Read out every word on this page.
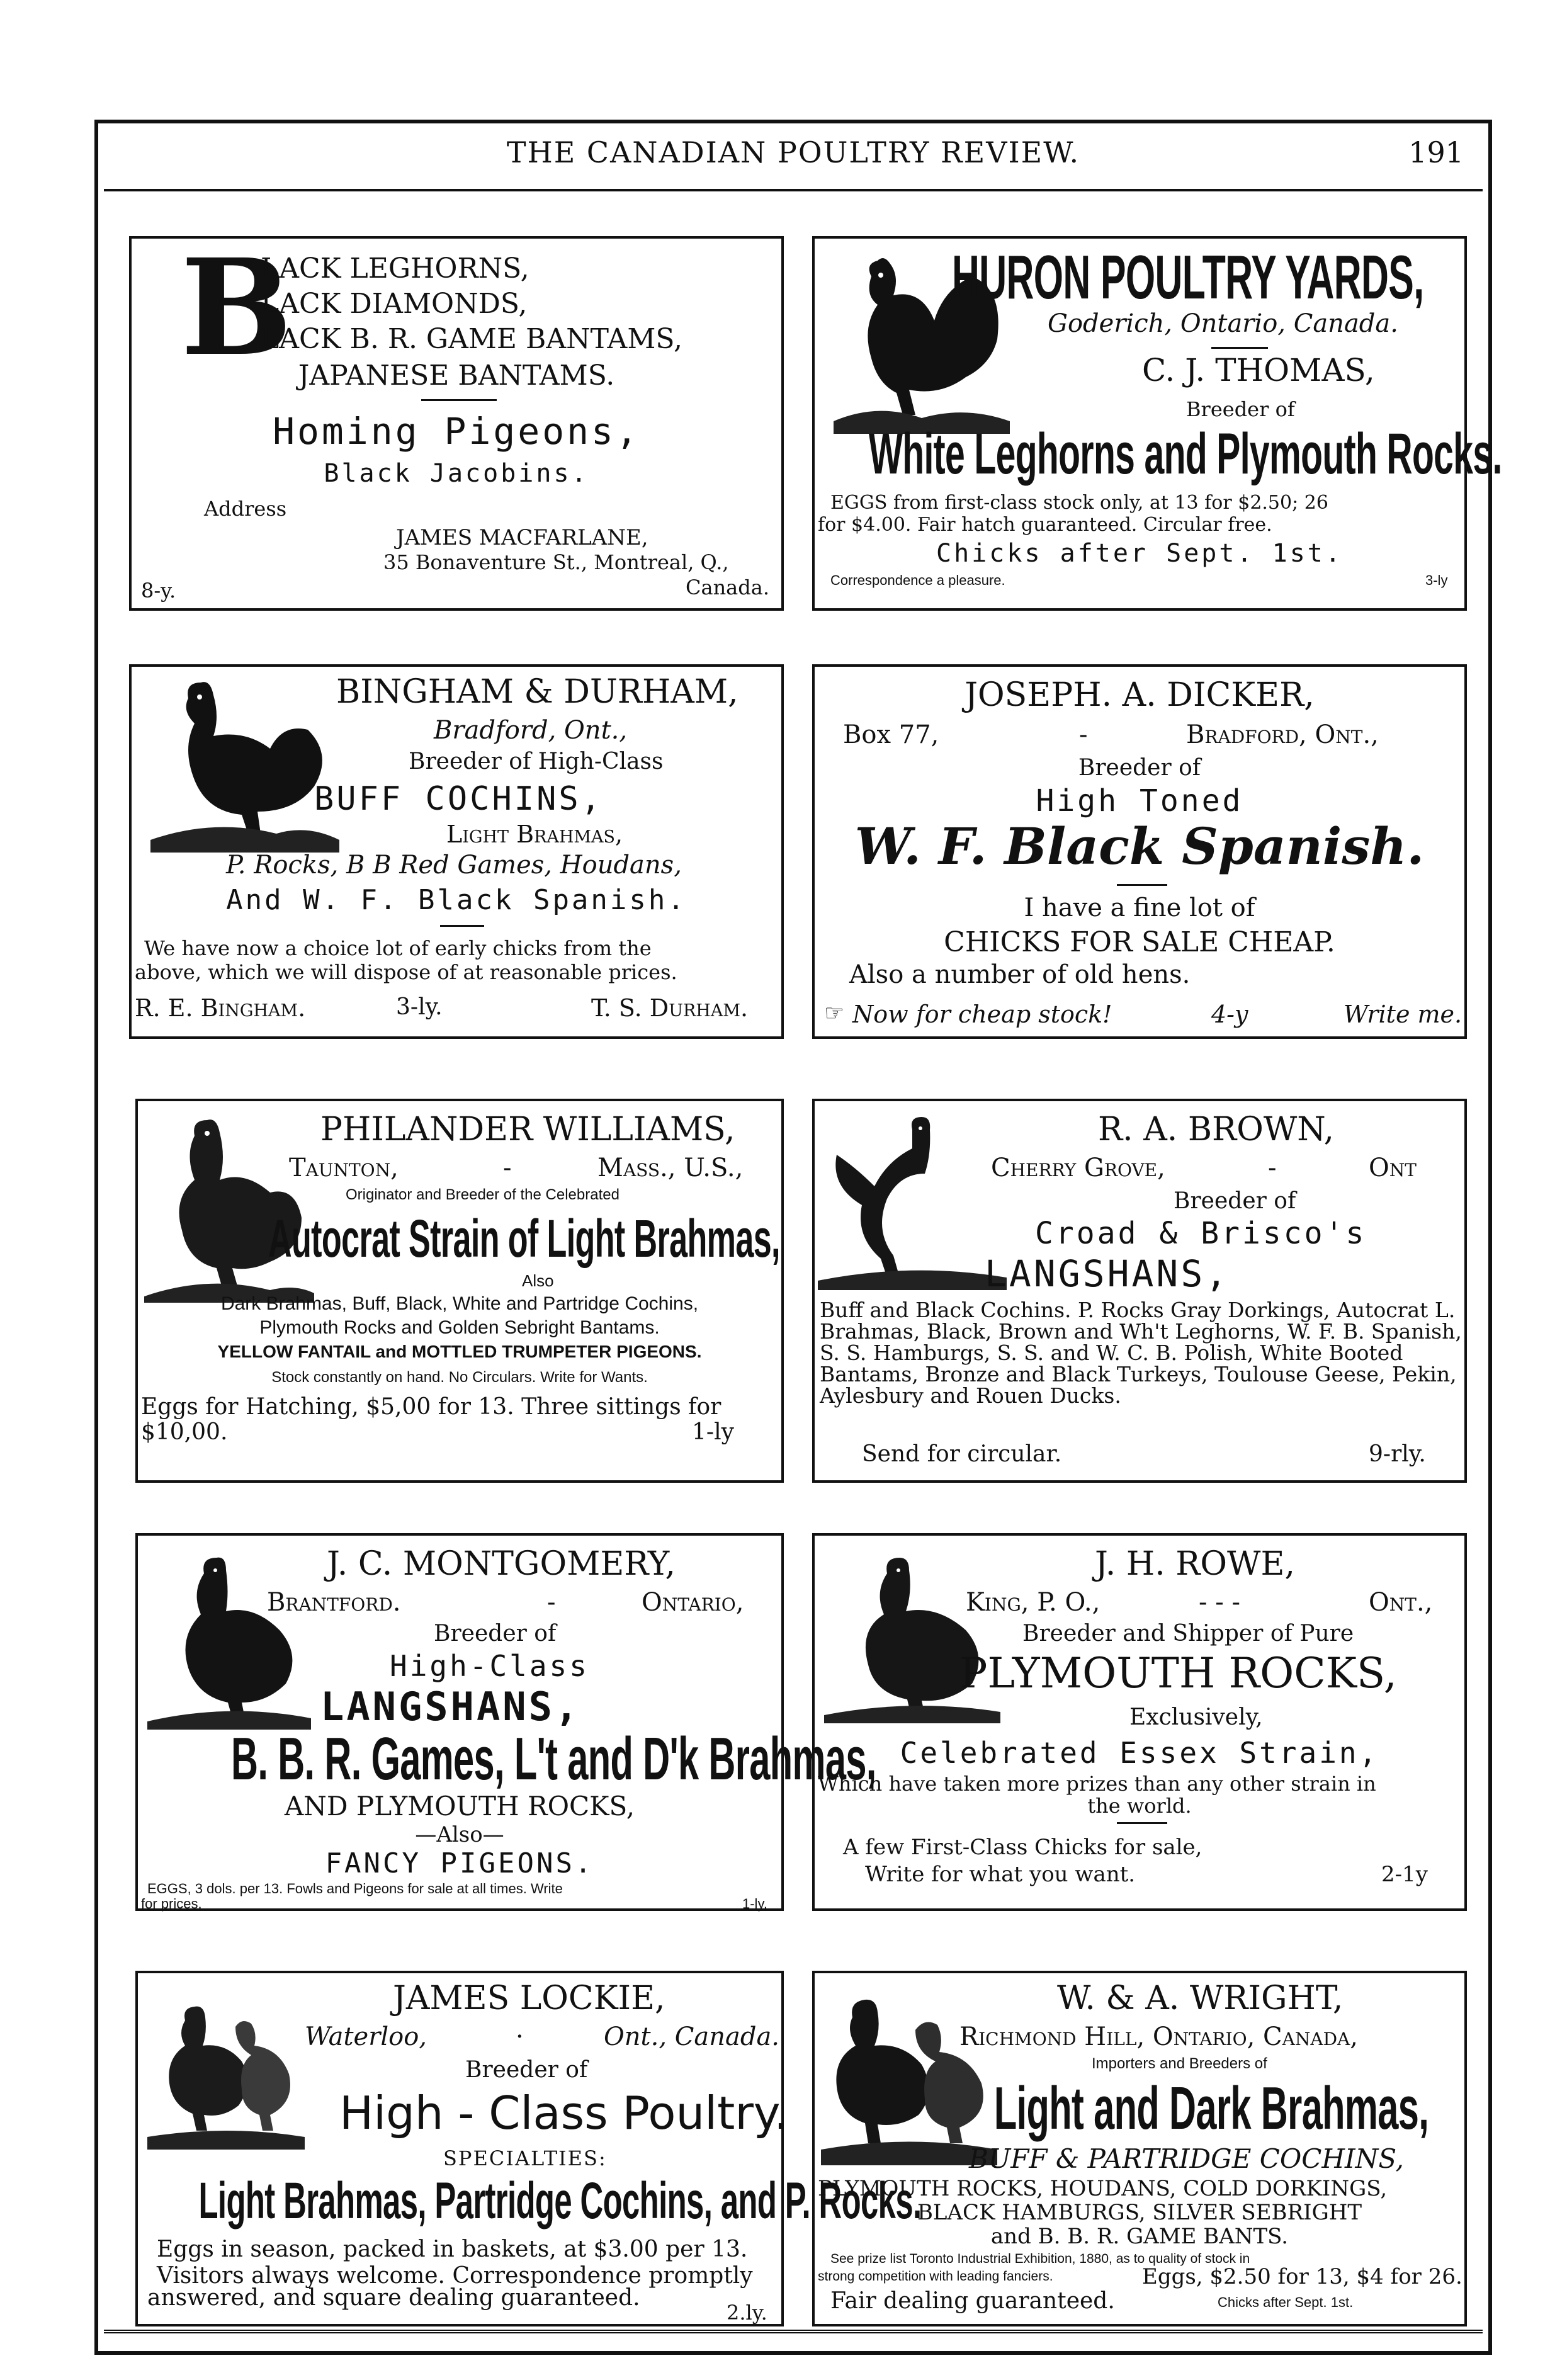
THE CANADIAN POULTRY REVIEW.	191
B
LACK LEGHORNS,
LACK DIAMONDS,
LACK B. R. GAME BANTAMS,
JAPANESE BANTAMS.
Homing Pigeons,
Black Jacobins.
Address
JAMES MACFARLANE,
35 Bonaventure St., Montreal, Q.,
8-y.	Canada.
HURON POULTRY YARDS,
Goderich, Ontario, Canada.
C. J. THOMAS,
Breeder of
White Leghorns and Plymouth Rocks.
EGGS from first-class stock only, at 13 for $2.50; 26
for $4.00. Fair hatch guaranteed. Circular free.
Chicks after Sept. 1st.
Correspondence a pleasure.	3-ly
BINGHAM & DURHAM,
Bradford, Ont.,
Breeder of High-Class
BUFF COCHINS,
Light Brahmas,
P. Rocks, B B Red Games, Houdans,
And W. F. Black Spanish.
We have now a choice lot of early chicks from the
above, which we will dispose of at reasonable prices.
R. E. Bingham.	3-ly.	T. S. Durham.
JOSEPH. A. DICKER,
Box 77,	-	Bradford, Ont.,
Breeder of
High Toned
W. F. Black Spanish.
I have a fine lot of
CHICKS FOR SALE CHEAP.
Also a number of old hens.
☞ Now for cheap stock!	4-y	Write me.
PHILANDER WILLIAMS,
Taunton,	-	Mass., U.S.,
Originator and Breeder of the Celebrated
Autocrat Strain of Light Brahmas,
Also
Dark Brahmas, Buff, Black, White and Partridge Cochins,
Plymouth Rocks and Golden Sebright Bantams.
YELLOW FANTAIL and MOTTLED TRUMPETER PIGEONS.
Stock constantly on hand. No Circulars. Write for Wants.
Eggs for Hatching, $5,00 for 13. Three sittings for
$10,00.	1-ly
R. A. BROWN,
Cherry Grove,	-	Ont
Breeder of
Croad & Brisco's
LANGSHANS,
Buff and Black Cochins. P. Rocks Gray Dorkings, Autocrat L. Brahmas, Black, Brown and Wh't Leghorns, W. F. B. Spanish, S. S. Hamburgs, S. S. and W. C. B. Polish, White Booted Bantams, Bronze and Black Turkeys, Toulouse Geese, Pekin, Aylesbury and Rouen Ducks.
Send for circular.	9-rly.
J. C. MONTGOMERY,
Brantford.	-	Ontario,
Breeder of
High-Class
LANGSHANS,
B. B. R. Games, L't and D'k Brahmas,
AND PLYMOUTH ROCKS,
—Also—
FANCY PIGEONS.
EGGS, 3 dols. per 13. Fowls and Pigeons for sale at all times. Write
for prices.	1-ly.
J. H. ROWE,
King, P. O.,	- - -	Ont.,
Breeder and Shipper of Pure
PLYMOUTH ROCKS,
Exclusively,
Celebrated Essex Strain,
Which have taken more prizes than any other strain in
the world.
A few First-Class Chicks for sale,
Write for what you want.	2-1y
JAMES LOCKIE,
Waterloo,	·	Ont., Canada.
Breeder of
High - Class Poultry.
SPECIALTIES:
Light Brahmas, Partridge Cochins, and P. Rocks.
Eggs in season, packed in baskets, at $3.00 per 13.
Visitors always welcome. Correspondence promptly
answered, and square dealing guaranteed.
2.ly.
W. & A. WRIGHT,
Richmond Hill, Ontario, Canada,
Importers and Breeders of
Light and Dark Brahmas,
BUFF & PARTRIDGE COCHINS,
PLYMOUTH ROCKS, HOUDANS, COLD DORKINGS,
BLACK HAMBURGS, SILVER SEBRIGHT
and B. B. R. GAME BANTS.
See prize list Toronto Industrial Exhibition, 1880, as to quality of stock in
strong competition with leading fanciers.	Eggs, $2.50 for 13, $4 for 26.
Fair dealing guaranteed.	Chicks after Sept. 1st.
